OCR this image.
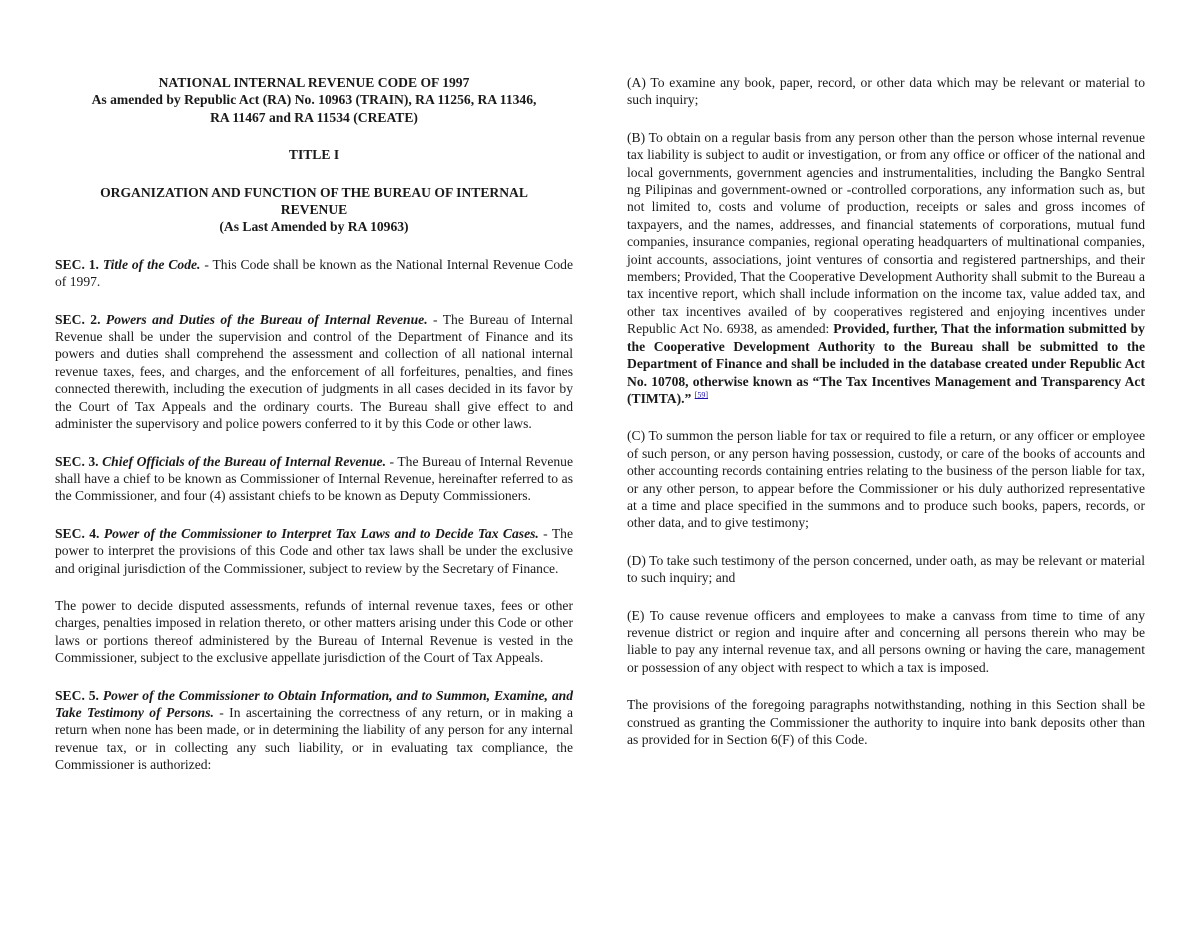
NATIONAL INTERNAL REVENUE CODE OF 1997
As amended by Republic Act (RA) No. 10963 (TRAIN), RA 11256, RA 11346,
RA 11467 and RA 11534 (CREATE)
TITLE I
ORGANIZATION AND FUNCTION OF THE BUREAU OF INTERNAL
REVENUE
(As Last Amended by RA 10963)

SEC. 1. Title of the Code. - This Code shall be known as the National Internal Revenue Code of 1997.

SEC. 2. Powers and Duties of the Bureau of Internal Revenue. - The Bureau of Internal Revenue shall be under the supervision and control of the Department of Finance and its powers and duties shall comprehend the assessment and collection of all national internal revenue taxes, fees, and charges, and the enforcement of all forfeitures, penalties, and fines connected therewith, including the execution of judgments in all cases decided in its favor by the Court of Tax Appeals and the ordinary courts. The Bureau shall give effect to and administer the supervisory and police powers conferred to it by this Code or other laws.

SEC. 3. Chief Officials of the Bureau of Internal Revenue. - The Bureau of Internal Revenue shall have a chief to be known as Commissioner of Internal Revenue, hereinafter referred to as the Commissioner, and four (4) assistant chiefs to be known as Deputy Commissioners.

SEC. 4. Power of the Commissioner to Interpret Tax Laws and to Decide Tax Cases. - The power to interpret the provisions of this Code and other tax laws shall be under the exclusive and original jurisdiction of the Commissioner, subject to review by the Secretary of Finance.

The power to decide disputed assessments, refunds of internal revenue taxes, fees or other charges, penalties imposed in relation thereto, or other matters arising under this Code or other laws or portions thereof administered by the Bureau of Internal Revenue is vested in the Commissioner, subject to the exclusive appellate jurisdiction of the Court of Tax Appeals.

SEC. 5. Power of the Commissioner to Obtain Information, and to Summon, Examine, and Take Testimony of Persons. - In ascertaining the correctness of any return, or in making a return when none has been made, or in determining the liability of any person for any internal revenue tax, or in collecting any such liability, or in evaluating tax compliance, the Commissioner is authorized:

(A) To examine any book, paper, record, or other data which may be relevant or material to such inquiry;

(B) To obtain on a regular basis from any person other than the person whose internal revenue tax liability is subject to audit or investigation, or from any office or officer of the national and local governments, government agencies and instrumentalities, including the Bangko Sentral ng Pilipinas and government-owned or -controlled corporations, any information such as, but not limited to, costs and volume of production, receipts or sales and gross incomes of taxpayers, and the names, addresses, and financial statements of corporations, mutual fund companies, insurance companies, regional operating headquarters of multinational companies, joint accounts, associations, joint ventures of consortia and registered partnerships, and their members; Provided, That the Cooperative Development Authority shall submit to the Bureau a tax incentive report, which shall include information on the income tax, value added tax, and other tax incentives availed of by cooperatives registered and enjoying incentives under Republic Act No. 6938, as amended: Provided, further, That the information submitted by the Cooperative Development Authority to the Bureau shall be submitted to the Department of Finance and shall be included in the database created under Republic Act No. 10708, otherwise known as “The Tax Incentives Management and Transparency Act (TIMTA).” [59]

(C) To summon the person liable for tax or required to file a return, or any officer or employee of such person, or any person having possession, custody, or care of the books of accounts and other accounting records containing entries relating to the business of the person liable for tax, or any other person, to appear before the Commissioner or his duly authorized representative at a time and place specified in the summons and to produce such books, papers, records, or other data, and to give testimony;

(D) To take such testimony of the person concerned, under oath, as may be relevant or material to such inquiry; and

(E) To cause revenue officers and employees to make a canvass from time to time of any revenue district or region and inquire after and concerning all persons therein who may be liable to pay any internal revenue tax, and all persons owning or having the care, management or possession of any object with respect to which a tax is imposed.

The provisions of the foregoing paragraphs notwithstanding, nothing in this Section shall be construed as granting the Commissioner the authority to inquire into bank deposits other than as provided for in Section 6(F) of this Code.
